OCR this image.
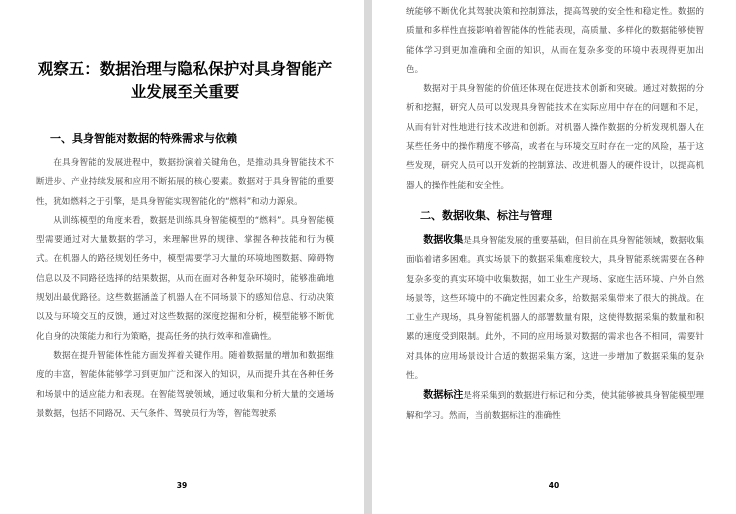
观察五：数据治理与隐私保护对具身智能产
业发展至关重要
一、具身智能对数据的特殊需求与依赖

在具身智能的发展进程中，数据扮演着关键角色，是推动具身智能技术不断进步、产业持续发展和应用不断拓展的核心要素。数据对于具身智能的重要性，犹如燃料之于引擎，是具身智能实现智能化的“燃料”和动力源泉。

从训练模型的角度来看，数据是训练具身智能模型的“燃料”。具身智能模型需要通过对大量数据的学习，来理解世界的规律、掌握各种技能和行为模式。在机器人的路径规划任务中，模型需要学习大量的环境地图数据、障碍物信息以及不同路径选择的结果数据，从而在面对各种复杂环境时，能够准确地规划出最优路径。这些数据涵盖了机器人在不同场景下的感知信息、行动决策以及与环境交互的反馈，通过对这些数据的深度挖掘和分析，模型能够不断优化自身的决策能力和行为策略，提高任务的执行效率和准确性。

数据在提升智能体性能方面发挥着关键作用。随着数据量的增加和数据维度的丰富，智能体能够学习到更加广泛和深入的知识，从而提升其在各种任务和场景中的适应能力和表现。在智能驾驶领域，通过收集和分析大量的交通场景数据，包括不同路况、天气条件、驾驶员行为等，智能驾驶系

39

统能够不断优化其驾驶决策和控制算法，提高驾驶的安全性和稳定性。数据的质量和多样性直接影响着智能体的性能表现，高质量、多样化的数据能够使智能体学习到更加准确和全面的知识，从而在复杂多变的环境中表现得更加出色。

数据对于具身智能的价值还体现在促进技术创新和突破。通过对数据的分析和挖掘，研究人员可以发现具身智能技术在实际应用中存在的问题和不足，从而有针对性地进行技术改进和创新。对机器人操作数据的分析发现机器人在某些任务中的操作精度不够高，或者在与环境交互时存在一定的风险，基于这些发现，研究人员可以开发新的控制算法、改进机器人的硬件设计，以提高机器人的操作性能和安全性。

二、数据收集、标注与管理

数据收集是具身智能发展的重要基础，但目前在具身智能领域，数据收集面临着诸多困难。真实场景下的数据采集难度较大，具身智能系统需要在各种复杂多变的真实环境中收集数据，如工业生产现场、家庭生活环境、户外自然场景等，这些环境中的不确定性因素众多，给数据采集带来了很大的挑战。在工业生产现场，具身智能机器人的部署数量有限，这使得数据采集的数量和积累的速度受到限制。此外，不同的应用场景对数据的需求也各不相同，需要针对具体的应用场景设计合适的数据采集方案，这进一步增加了数据采集的复杂性。

数据标注是将采集到的数据进行标记和分类，使其能够被具身智能模型理解和学习。然而，当前数据标注的准确性

40
